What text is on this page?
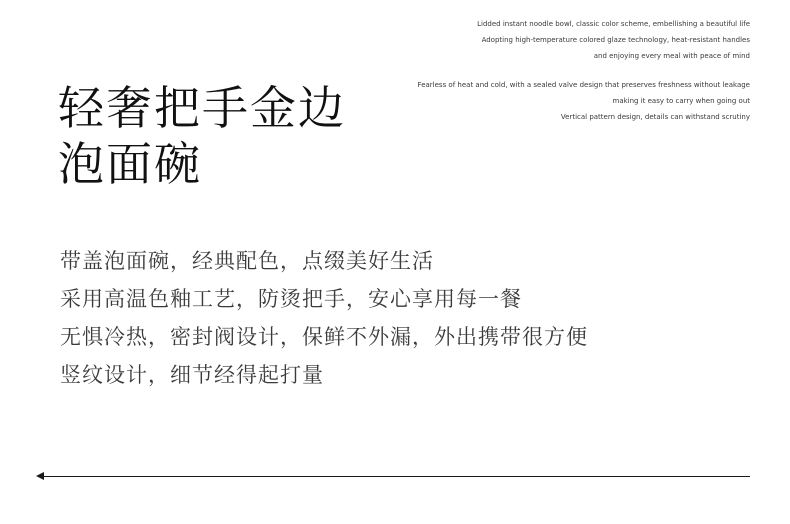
轻奢把手金边
泡面碗
Lidded instant noodle bowl, classic color scheme, embellishing a beautiful life
Adopting high-temperature colored glaze technology, heat-resistant handles
and enjoying every meal with peace of mind
Fearless of heat and cold, with a sealed valve design that preserves freshness without leakage
making it easy to carry when going out
Vertical pattern design, details can withstand scrutiny
带盖泡面碗，经典配色，点缀美好生活
采用高温色釉工艺，防烫把手，安心享用每一餐
无惧冷热，密封阀设计，保鲜不外漏，外出携带很方便
竖纹设计，细节经得起打量
